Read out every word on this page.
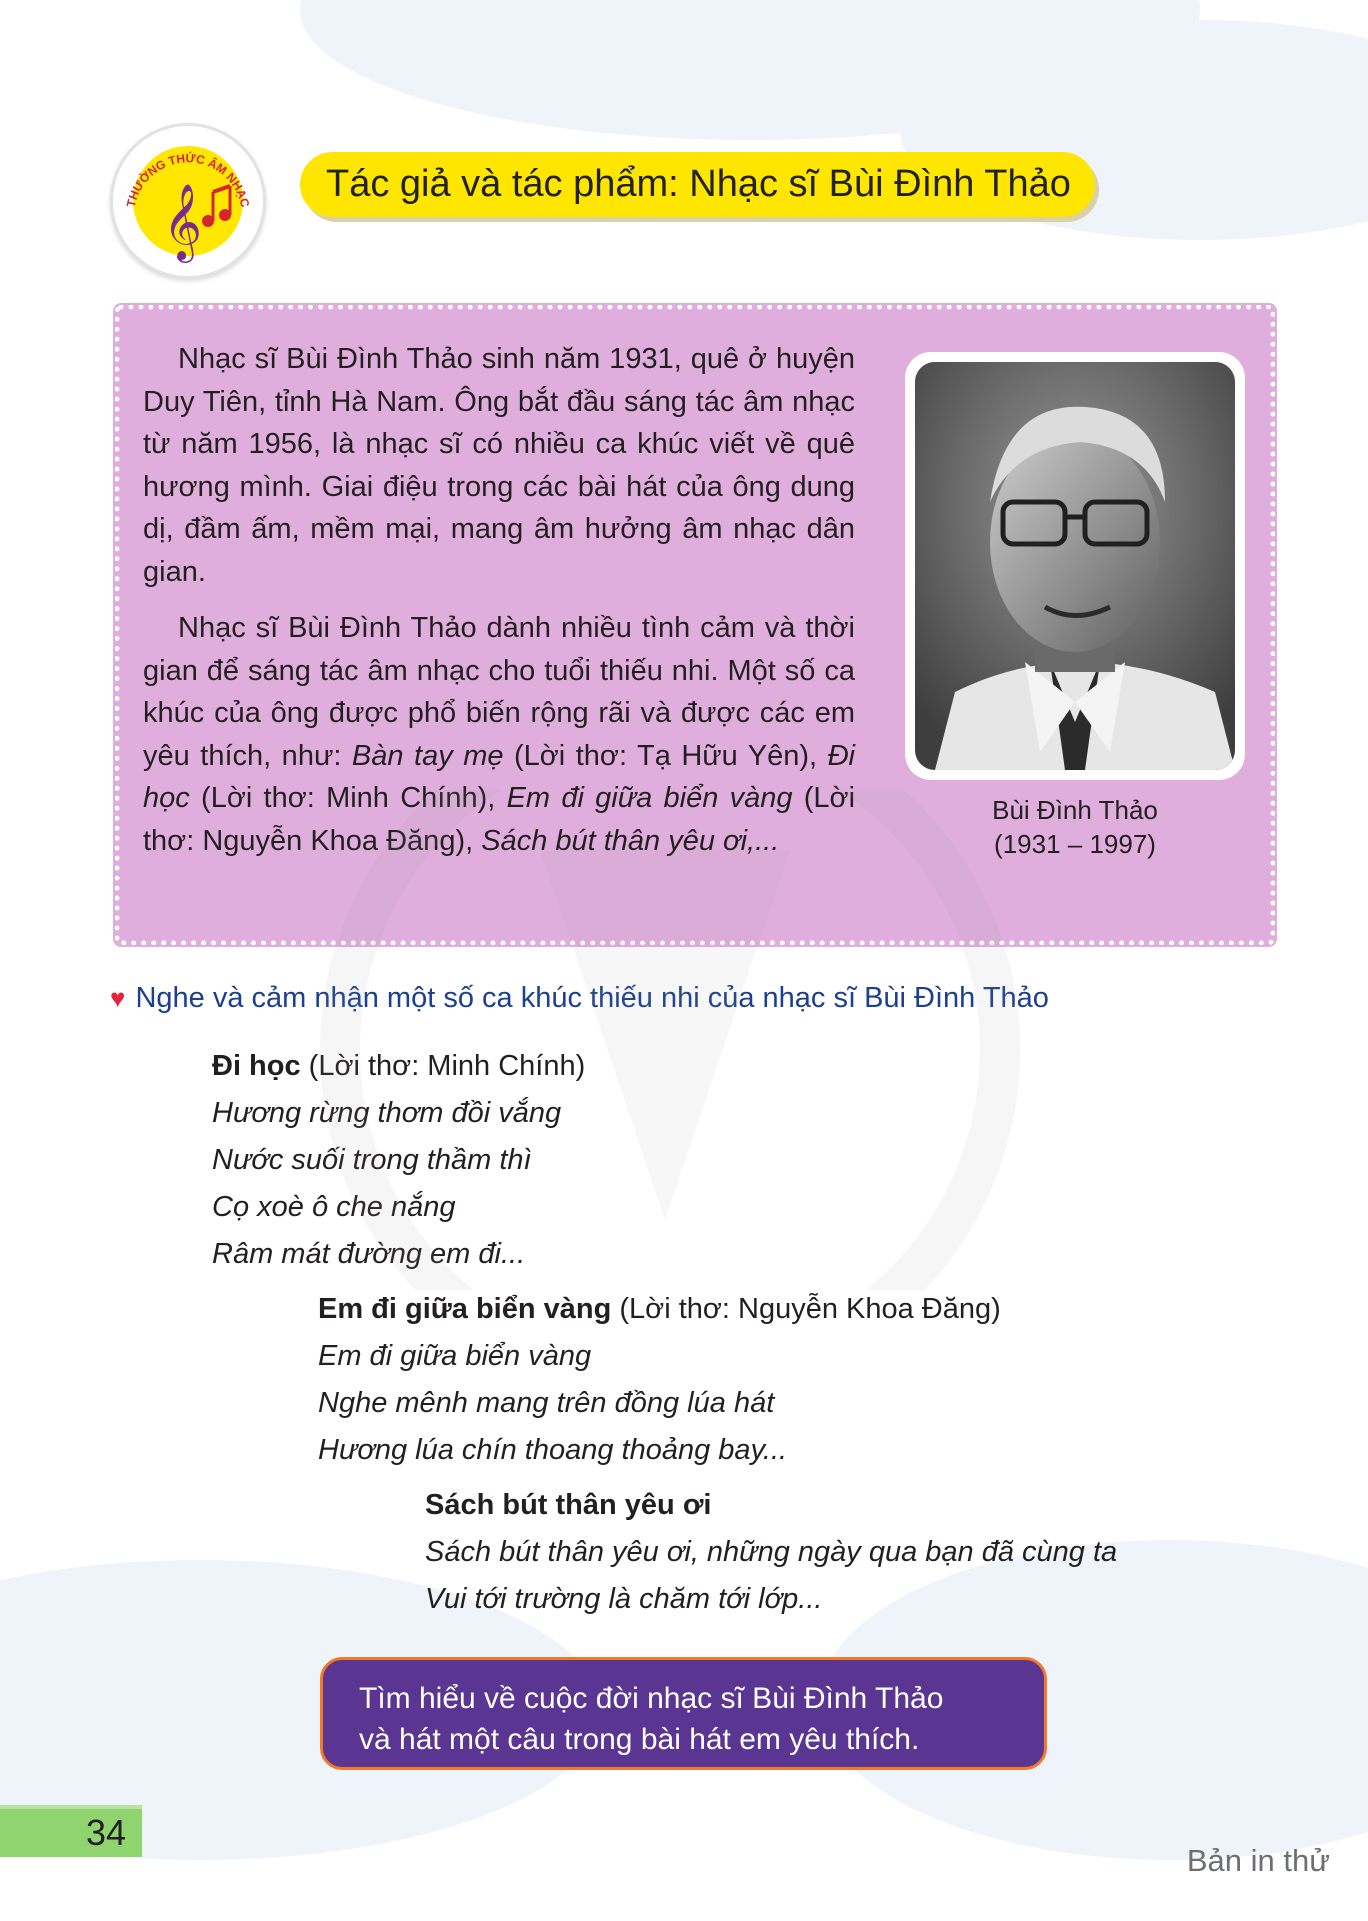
THƯỜNG THỨC ÂM NHẠC
𝄞	Tác giả và tác phẩm: Nhạc sĩ Bùi Đình Thảo

Nhạc sĩ Bùi Đình Thảo sinh năm 1931, quê ở huyện Duy Tiên, tỉnh Hà Nam. Ông bắt đầu sáng tác âm nhạc từ năm 1956, là nhạc sĩ có nhiều ca khúc viết về quê hương mình. Giai điệu trong các bài hát của ông dung dị, đầm ấm, mềm mại, mang âm hưởng âm nhạc dân gian.

Nhạc sĩ Bùi Đình Thảo dành nhiều tình cảm và thời gian để sáng tác âm nhạc cho tuổi thiếu nhi. Một số ca khúc của ông được phổ biến rộng rãi và được các em yêu thích, như: Bàn tay mẹ (Lời thơ: Tạ Hữu Yên), Đi học (Lời thơ: Minh Chính), Em đi giữa biển vàng (Lời thơ: Nguyễn Khoa Đăng), Sách bút thân yêu ơi,...

Bùi Đình Thảo
(1931 – 1997)
♥ Nghe và cảm nhận một số ca khúc thiếu nhi của nhạc sĩ Bùi Đình Thảo
Đi học (Lời thơ: Minh Chính)
Hương rừng thơm đồi vắng
Nước suối trong thầm thì
Cọ xoè ô che nắng
Râm mát đường em đi...
Em đi giữa biển vàng (Lời thơ: Nguyễn Khoa Đăng)
Em đi giữa biển vàng
Nghe mênh mang trên đồng lúa hát
Hương lúa chín thoang thoảng bay...
Sách bút thân yêu ơi
Sách bút thân yêu ơi, những ngày qua bạn đã cùng ta
Vui tới trường là chăm tới lớp...
Tìm hiểu về cuộc đời nhạc sĩ Bùi Đình Thảo
và hát một câu trong bài hát em yêu thích.
34
Bản in thử
